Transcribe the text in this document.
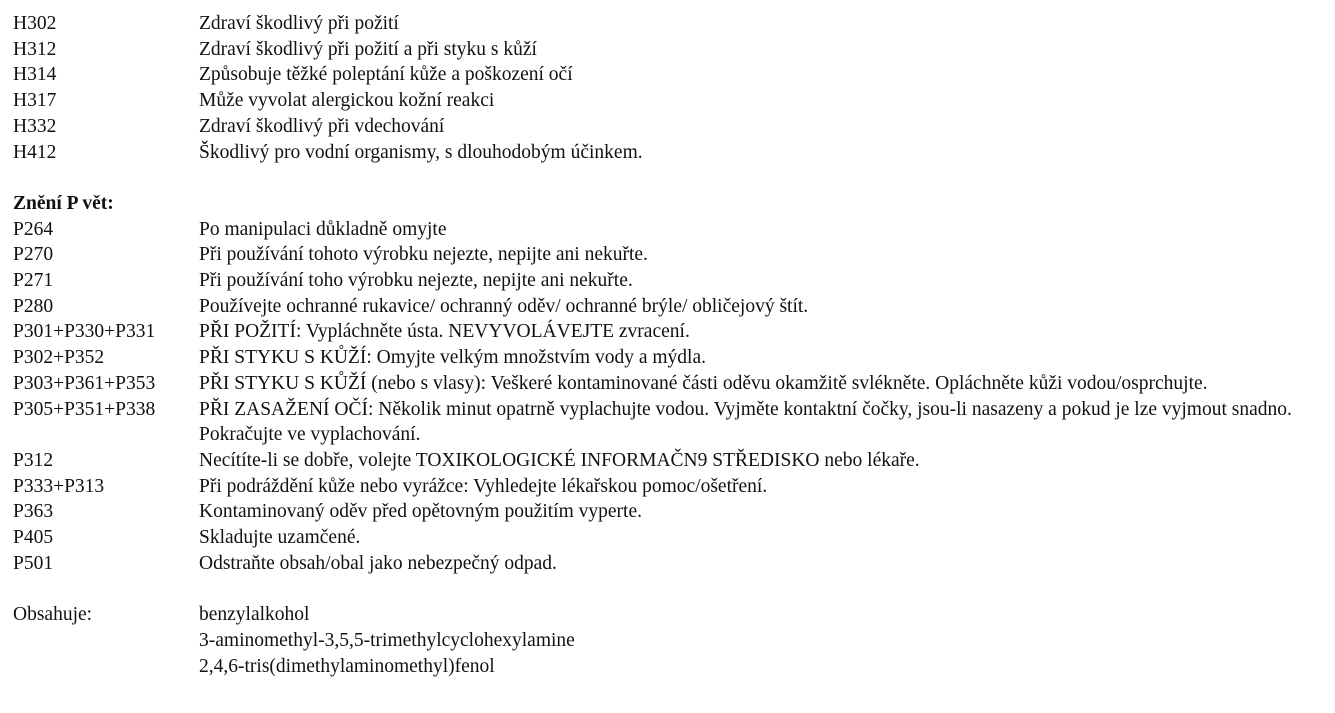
H302	Zdraví škodlivý při požití
H312	Zdraví škodlivý při požití a při styku s kůží
H314	Způsobuje těžké poleptání kůže a poškození očí
H317	Může vyvolat alergickou kožní reakci
H332	Zdraví škodlivý při vdechování
H412	Škodlivý pro vodní organismy, s dlouhodobým účinkem.
Znění P vět:
P264	Po manipulaci důkladně omyjte
P270	Při používání tohoto výrobku nejezte, nepijte ani nekuřte.
P271	Při používání toho výrobku nejezte, nepijte ani nekuřte.
P280	Používejte ochranné rukavice/ ochranný oděv/ ochranné brýle/ obličejový štít.
P301+P330+P331	PŘI POŽITÍ: Vypláchněte ústa. NEVYVOLÁVEJTE zvracení.
P302+P352	PŘI STYKU S KŮŽÍ: Omyjte velkým množstvím vody a mýdla.
P303+P361+P353	PŘI STYKU S KŮŽÍ (nebo s vlasy): Veškeré kontaminované části oděvu okamžitě svlékněte. Opláchněte kůži vodou/osprchujte.
P305+P351+P338	PŘI ZASAŽENÍ OČÍ: Několik minut opatrně vyplachujte vodou. Vyjměte kontaktní čočky, jsou-li nasazeny a pokud je lze vyjmout snadno. Pokračujte ve vyplachování.
P312	Necítíte-li se dobře, volejte TOXIKOLOGICKÉ INFORMAČN9 STŘEDISKO nebo lékaře.
P333+P313	Při podráždění kůže nebo vyrážce: Vyhledejte lékařskou pomoc/ošetření.
P363	Kontaminovaný oděv před opětovným použitím vyperte.
P405	Skladujte uzamčené.
P501	Odstraňte obsah/obal jako nebezpečný odpad.
Obsahuje:	benzylalkohol
3-aminomethyl-3,5,5-trimethylcyclohexylamine
2,4,6-tris(dimethylaminomethyl)fenol
